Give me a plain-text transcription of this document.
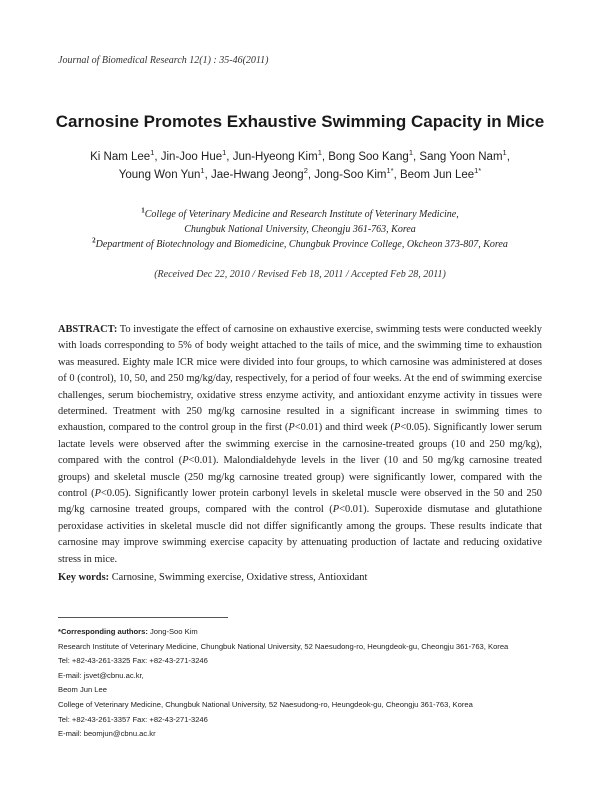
Journal of Biomedical Research 12(1) : 35-46(2011)
Carnosine Promotes Exhaustive Swimming Capacity in Mice
Ki Nam Lee$^1$, Jin-Joo Hue$^1$, Jun-Hyeong Kim$^1$, Bong Soo Kang$^1$, Sang Yoon Nam$^1$,
Young Won Yun$^1$, Jae-Hwang Jeong$^2$, Jong-Soo Kim$^{1*}$, Beom Jun Lee$^{1*}$
$^1$College of Veterinary Medicine and Research Institute of Veterinary Medicine,
Chungbuk National University, Cheongju 361-763, Korea
$^2$Department of Biotechnology and Biomedicine, Chungbuk Province College, Okcheon 373-807, Korea
(Received Dec 22, 2010 / Revised Feb 18, 2011 / Accepted Feb 28, 2011)
ABSTRACT: To investigate the effect of carnosine on exhaustive exercise, swimming tests were conducted weekly with loads corresponding to 5% of body weight attached to the tails of mice, and the swimming time to exhaustion was measured. Eighty male ICR mice were divided into four groups, to which carnosine was administered at doses of 0 (control), 10, 50, and 250 mg/kg/day, respectively, for a period of four weeks. At the end of swimming exercise challenges, serum biochemistry, oxidative stress enzyme activity, and antioxidant enzyme activity in tissues were determined. Treatment with 250 mg/kg carnosine resulted in a significant increase in swimming times to exhaustion, compared to the control group in the first (P<0.01) and third week (P<0.05). Significantly lower serum lactate levels were observed after the swimming exercise in the carnosine-treated groups (10 and 250 mg/kg), compared with the control (P<0.01). Malondialdehyde levels in the liver (10 and 50 mg/kg carnosine treated groups) and skeletal muscle (250 mg/kg carnosine treated group) were significantly lower, compared with the control (P<0.05). Significantly lower protein carbonyl levels in skeletal muscle were observed in the 50 and 250 mg/kg carnosine treated groups, compared with the control (P<0.01). Superoxide dismutase and glutathione peroxidase activities in skeletal muscle did not differ significantly among the groups. These results indicate that carnosine may improve swimming exercise capacity by attenuating production of lactate and reducing oxidative stress in mice.
Key words: Carnosine, Swimming exercise, Oxidative stress, Antioxidant
*Corresponding authors: Jong-Soo Kim
Research Institute of Veterinary Medicine, Chungbuk National University, 52 Naesudong-ro, Heungdeok-gu, Cheongju 361-763, Korea
Tel: +82-43-261-3325 Fax: +82-43-271-3246
E-mail: jsvet@cbnu.ac.kr,
Beom Jun Lee
College of Veterinary Medicine, Chungbuk National University, 52 Naesudong-ro, Heungdeok-gu, Cheongju 361-763, Korea
Tel: +82-43-261-3357 Fax: +82-43-271-3246
E-mail: beomjun@cbnu.ac.kr
